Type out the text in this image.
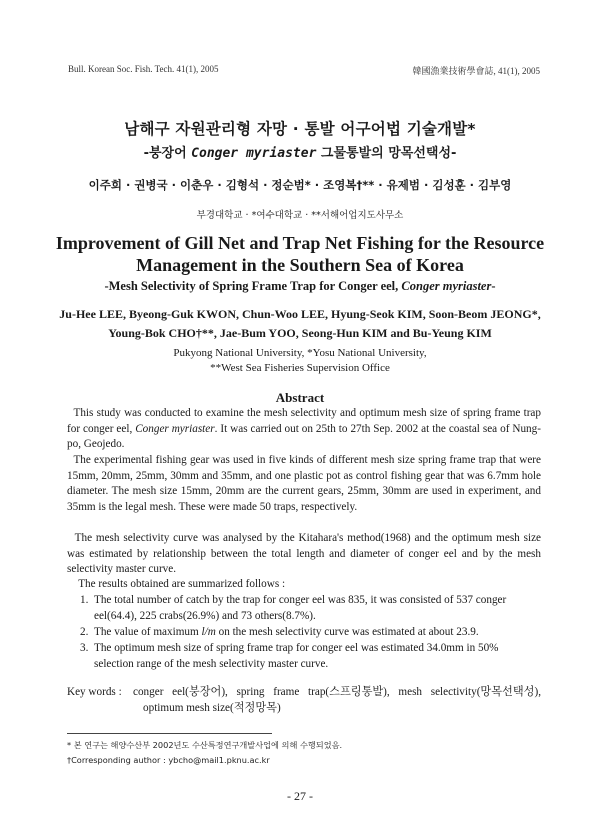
Bull. Korean Soc. Fish. Tech. 41(1), 2005	韓國漁業技術學會誌, 41(1), 2005
남해구 자원관리형 자망 · 통발 어구어법 기술개발*
-붕장어 Conger myriaster 그물통발의 망목선택성-
이주희 · 권병국 · 이춘우 · 김형석 · 정순범* · 조영복†** · 유제범 · 김성훈 · 김부영
부경대학교 · *여수대학교 · **서해어업지도사무소
Improvement of Gill Net and Trap Net Fishing for the Resource
Management in the Southern Sea of Korea
-Mesh Selectivity of Spring Frame Trap for Conger eel, Conger myriaster-
Ju-Hee LEE, Byeong-Guk KWON, Chun-Woo LEE, Hyung-Seok KIM, Soon-Beom JEONG*,
Young-Bok CHO†**, Jae-Bum YOO, Seong-Hun KIM and Bu-Yeung KIM
Pukyong National University, *Yosu National University,
**West Sea Fisheries Supervision Office
Abstract
This study was conducted to examine the mesh selectivity and optimum mesh size of spring frame trap for conger eel, Conger myriaster. It was carried out on 25th to 27th Sep. 2002 at the coastal sea of Nung-po, Geojedo.
The experimental fishing gear was used in five kinds of different mesh size spring frame trap that were 15mm, 20mm, 25mm, 30mm and 35mm, and one plastic pot as control fishing gear that was 6.7mm hole diameter. The mesh size 15mm, 20mm are the current gears, 25mm, 30mm are used in experiment, and 35mm is the legal mesh. These were made 50 traps, respectively.
The mesh selectivity curve was analysed by the Kitahara's method(1968) and the optimum mesh size was estimated by relationship between the total length and diameter of conger eel and by the mesh selectivity master curve.
The results obtained are summarized follows :
1. The total number of catch by the trap for conger eel was 835, it was consisted of 537 conger eel(64.4), 225 crabs(26.9%) and 73 others(8.7%).
2. The value of maximum l/m on the mesh selectivity curve was estimated at about 23.9.
3. The optimum mesh size of spring frame trap for conger eel was estimated 34.0mm in 50% selection range of the mesh selectivity master curve.
Key words : conger eel(붕장어), spring frame trap(스프링통발), mesh selectivity(망목선택성),
optimum mesh size(적정망목)
* 본 연구는 해양수산부 2002년도 수산특정연구개발사업에 의해 수행되었음.
†Corresponding author : ybcho@mail1.pknu.ac.kr
- 27 -
